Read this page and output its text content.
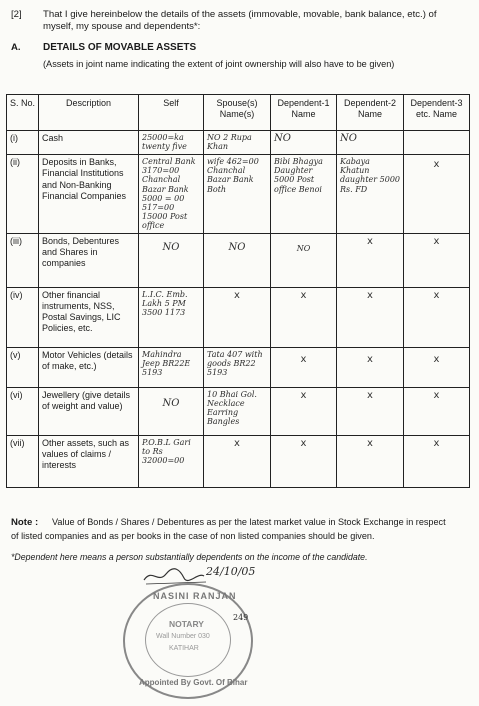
[2] That I give hereinbelow the details of the assets (immovable, movable, bank balance, etc.) of
myself, my spouse and dependents*:
A. DETAILS OF MOVABLE ASSETS
(Assets in joint name indicating the extent of joint ownership will also have to be given)
S. No.	Description	Self	Spouse(s) Name(s)	Dependent-1 Name	Dependent-2 Name	Dependent-3 etc. Name
(i)	Cash	25000=ka twenty five	NO 2 Rupa Khan	NO	NO	
(ii)	Deposits in Banks, Financial Institutions and Non-Banking Financial Companies	Central Bank 3170=00 Chanchal Bazar Bank 5000 = 00 517=00 15000 Post office	wife 462=00 Chanchal Bazar Bank Both	Bibi Bhagya Daughter 5000 Post office Benoi	Kabaya Khatun daughter 5000 Rs. FD	x
(iii)	Bonds, Debentures and Shares in companies	NO	NO	NO	x	x
(iv)	Other financial instruments, NSS, Postal Savings, LIC Policies, etc.	L.I.C. Emb. Lakh 5 PM 3500 1173	x	x	x	x
(v)	Motor Vehicles (details of make, etc.)	Mahindra Jeep BR22E 5193	Tata 407 with goods BR22 5193	x	x	x
(vi)	Jewellery (give details of weight and value)	NO	10 Bhai Gol. Necklace Earring Bangles	x	x	x
(vii)	Other assets, such as values of claims / interests	P.O.B.L Gari to Rs 32000=00	x	x	x	x
Note : Value of Bonds / Shares / Debentures as per the latest market value in Stock Exchange in respect
of listed companies and as per books in the case of non listed companies should be given.
*Dependent here means a person substantially dependents on the income of the candidate.
24/10/05
NASINI RANJAN
NOTARY
Wall Number 030
KATIHAR
Appointed By Govt. Of Bihar
249
